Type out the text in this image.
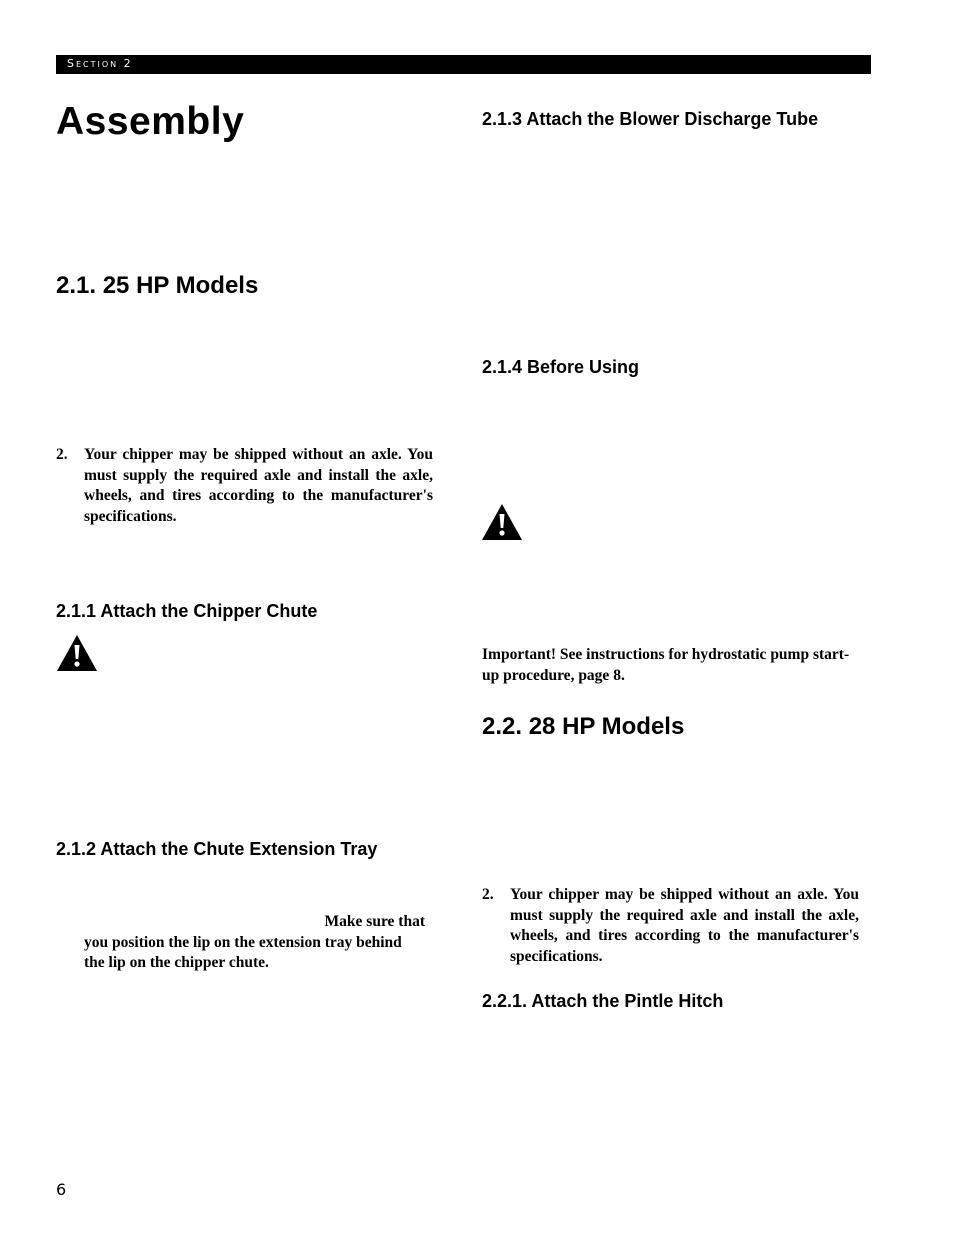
Section 2
Assembly
2.1. 25 HP Models
2.	Your chipper may be shipped without an axle. You must supply the required axle and install the axle, wheels, and tires according to the manufacturer's specifications.
2.1.1 Attach the Chipper Chute
2.1.2 Attach the Chute Extension Tray
Make sure that
you position the lip on the extension tray behind the lip on the chipper chute.
2.1.3 Attach the Blower Discharge Tube
2.1.4 Before Using
Important! See instructions for hydrostatic pump start-up procedure, page 8.
2.2. 28 HP Models
2.	Your chipper may be shipped without an axle. You must supply the required axle and install the axle, wheels, and tires according to the manufacturer's specifications.
2.2.1. Attach the Pintle Hitch
6
